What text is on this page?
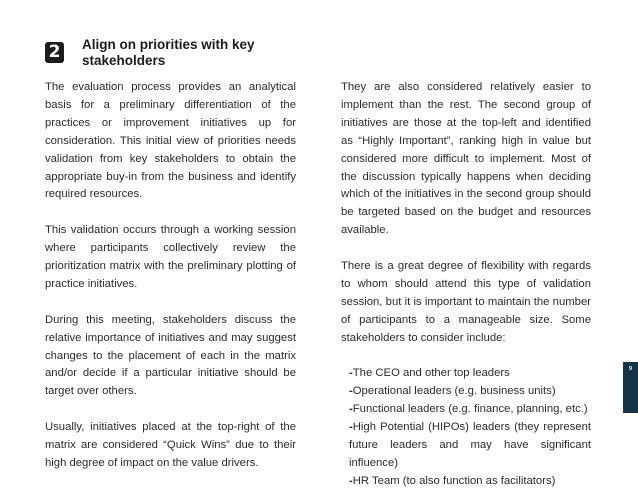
2 Align on priorities with key stakeholders

The evaluation process provides an analytical basis for a preliminary differentiation of the practices or improvement initiatives up for consideration. This initial view of priorities needs validation from key stakeholders to obtain the appropriate buy-in from the business and identify required resources.

This validation occurs through a working session where participants collectively review the prioritization matrix with the preliminary plotting of practice initiatives.

During this meeting, stakeholders discuss the relative importance of initiatives and may suggest changes to the placement of each in the matrix and/or decide if a particular initiative should be target over others.

Usually, initiatives placed at the top-right of the matrix are considered “Quick Wins” due to their high degree of impact on the value drivers.

They are also considered relatively easier to implement than the rest. The second group of initiatives are those at the top-left and identified as “Highly Important”, ranking high in value but considered more difficult to implement. Most of the discussion typically happens when deciding which of the initiatives in the second group should be targeted based on the budget and resources available.

There is a great degree of flexibility with regards to whom should attend this type of validation session, but it is important to maintain the number of participants to a manageable size. Some stakeholders to consider include:

-The CEO and other top leaders
-Operational leaders (e.g. business units)
-Functional leaders (e.g. finance, planning, etc.)
-High Potential (HIPOs) leaders (they represent future leaders and may have significant influence)
-HR Team (to also function as facilitators)
9
